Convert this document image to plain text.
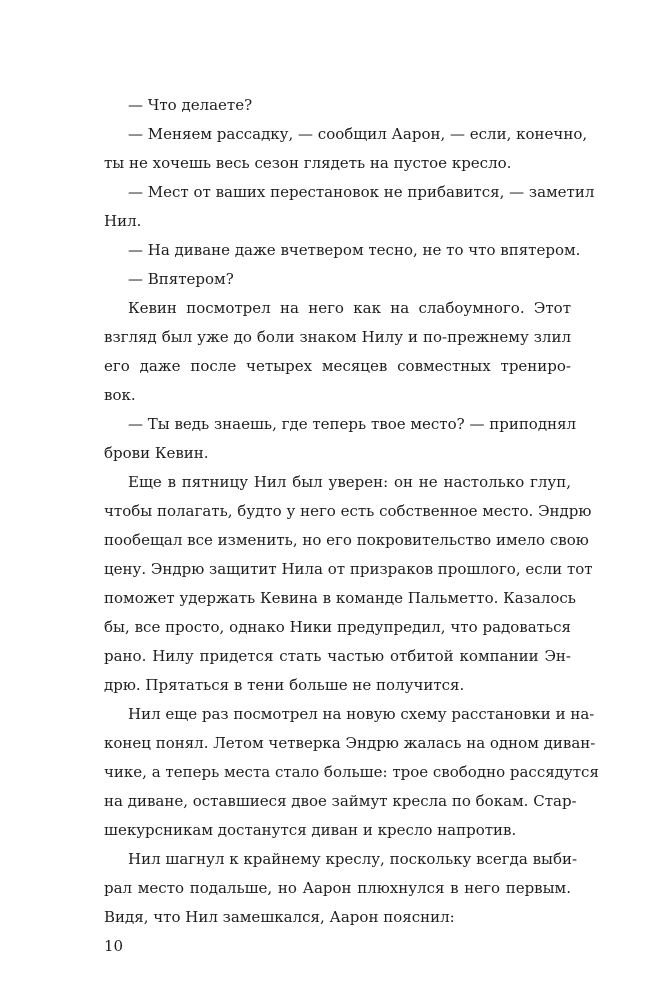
— Что делаете?
— Меняем рассадку, — сообщил Аарон, — если, конечно,
ты не хочешь весь сезон глядеть на пустое кресло.
— Мест от ваших перестановок не прибавится, — заметил
Нил.
— На диване даже вчетвером тесно, не то что впятером.
— Впятером?
Кевин посмотрел на него как на слабоумного. Этот
взгляд был уже до боли знаком Нилу и по-прежнему злил
его даже после четырех месяцев совместных трениро-
вок.
— Ты ведь знаешь, где теперь твое место? — приподнял
брови Кевин.
Еще в пятницу Нил был уверен: он не настолько глуп,
чтобы полагать, будто у него есть собственное место. Эндрю
пообещал все изменить, но его покровительство имело свою
цену. Эндрю защитит Нила от призраков прошлого, если тот
поможет удержать Кевина в команде Пальметто. Казалось
бы, все просто, однако Ники предупредил, что радоваться
рано. Нилу придется стать частью отбитой компании Эн-
дрю. Прятаться в тени больше не получится.
Нил еще раз посмотрел на новую схему расстановки и на-
конец понял. Летом четверка Эндрю жалась на одном диван-
чике, а теперь места стало больше: трое свободно рассядутся
на диване, оставшиеся двое займут кресла по бокам. Стар-
шекурсникам достанутся диван и кресло напротив.
Нил шагнул к крайнему креслу, поскольку всегда выби-
рал место подальше, но Аарон плюхнулся в него первым.
Видя, что Нил замешкался, Аарон пояснил:
10
